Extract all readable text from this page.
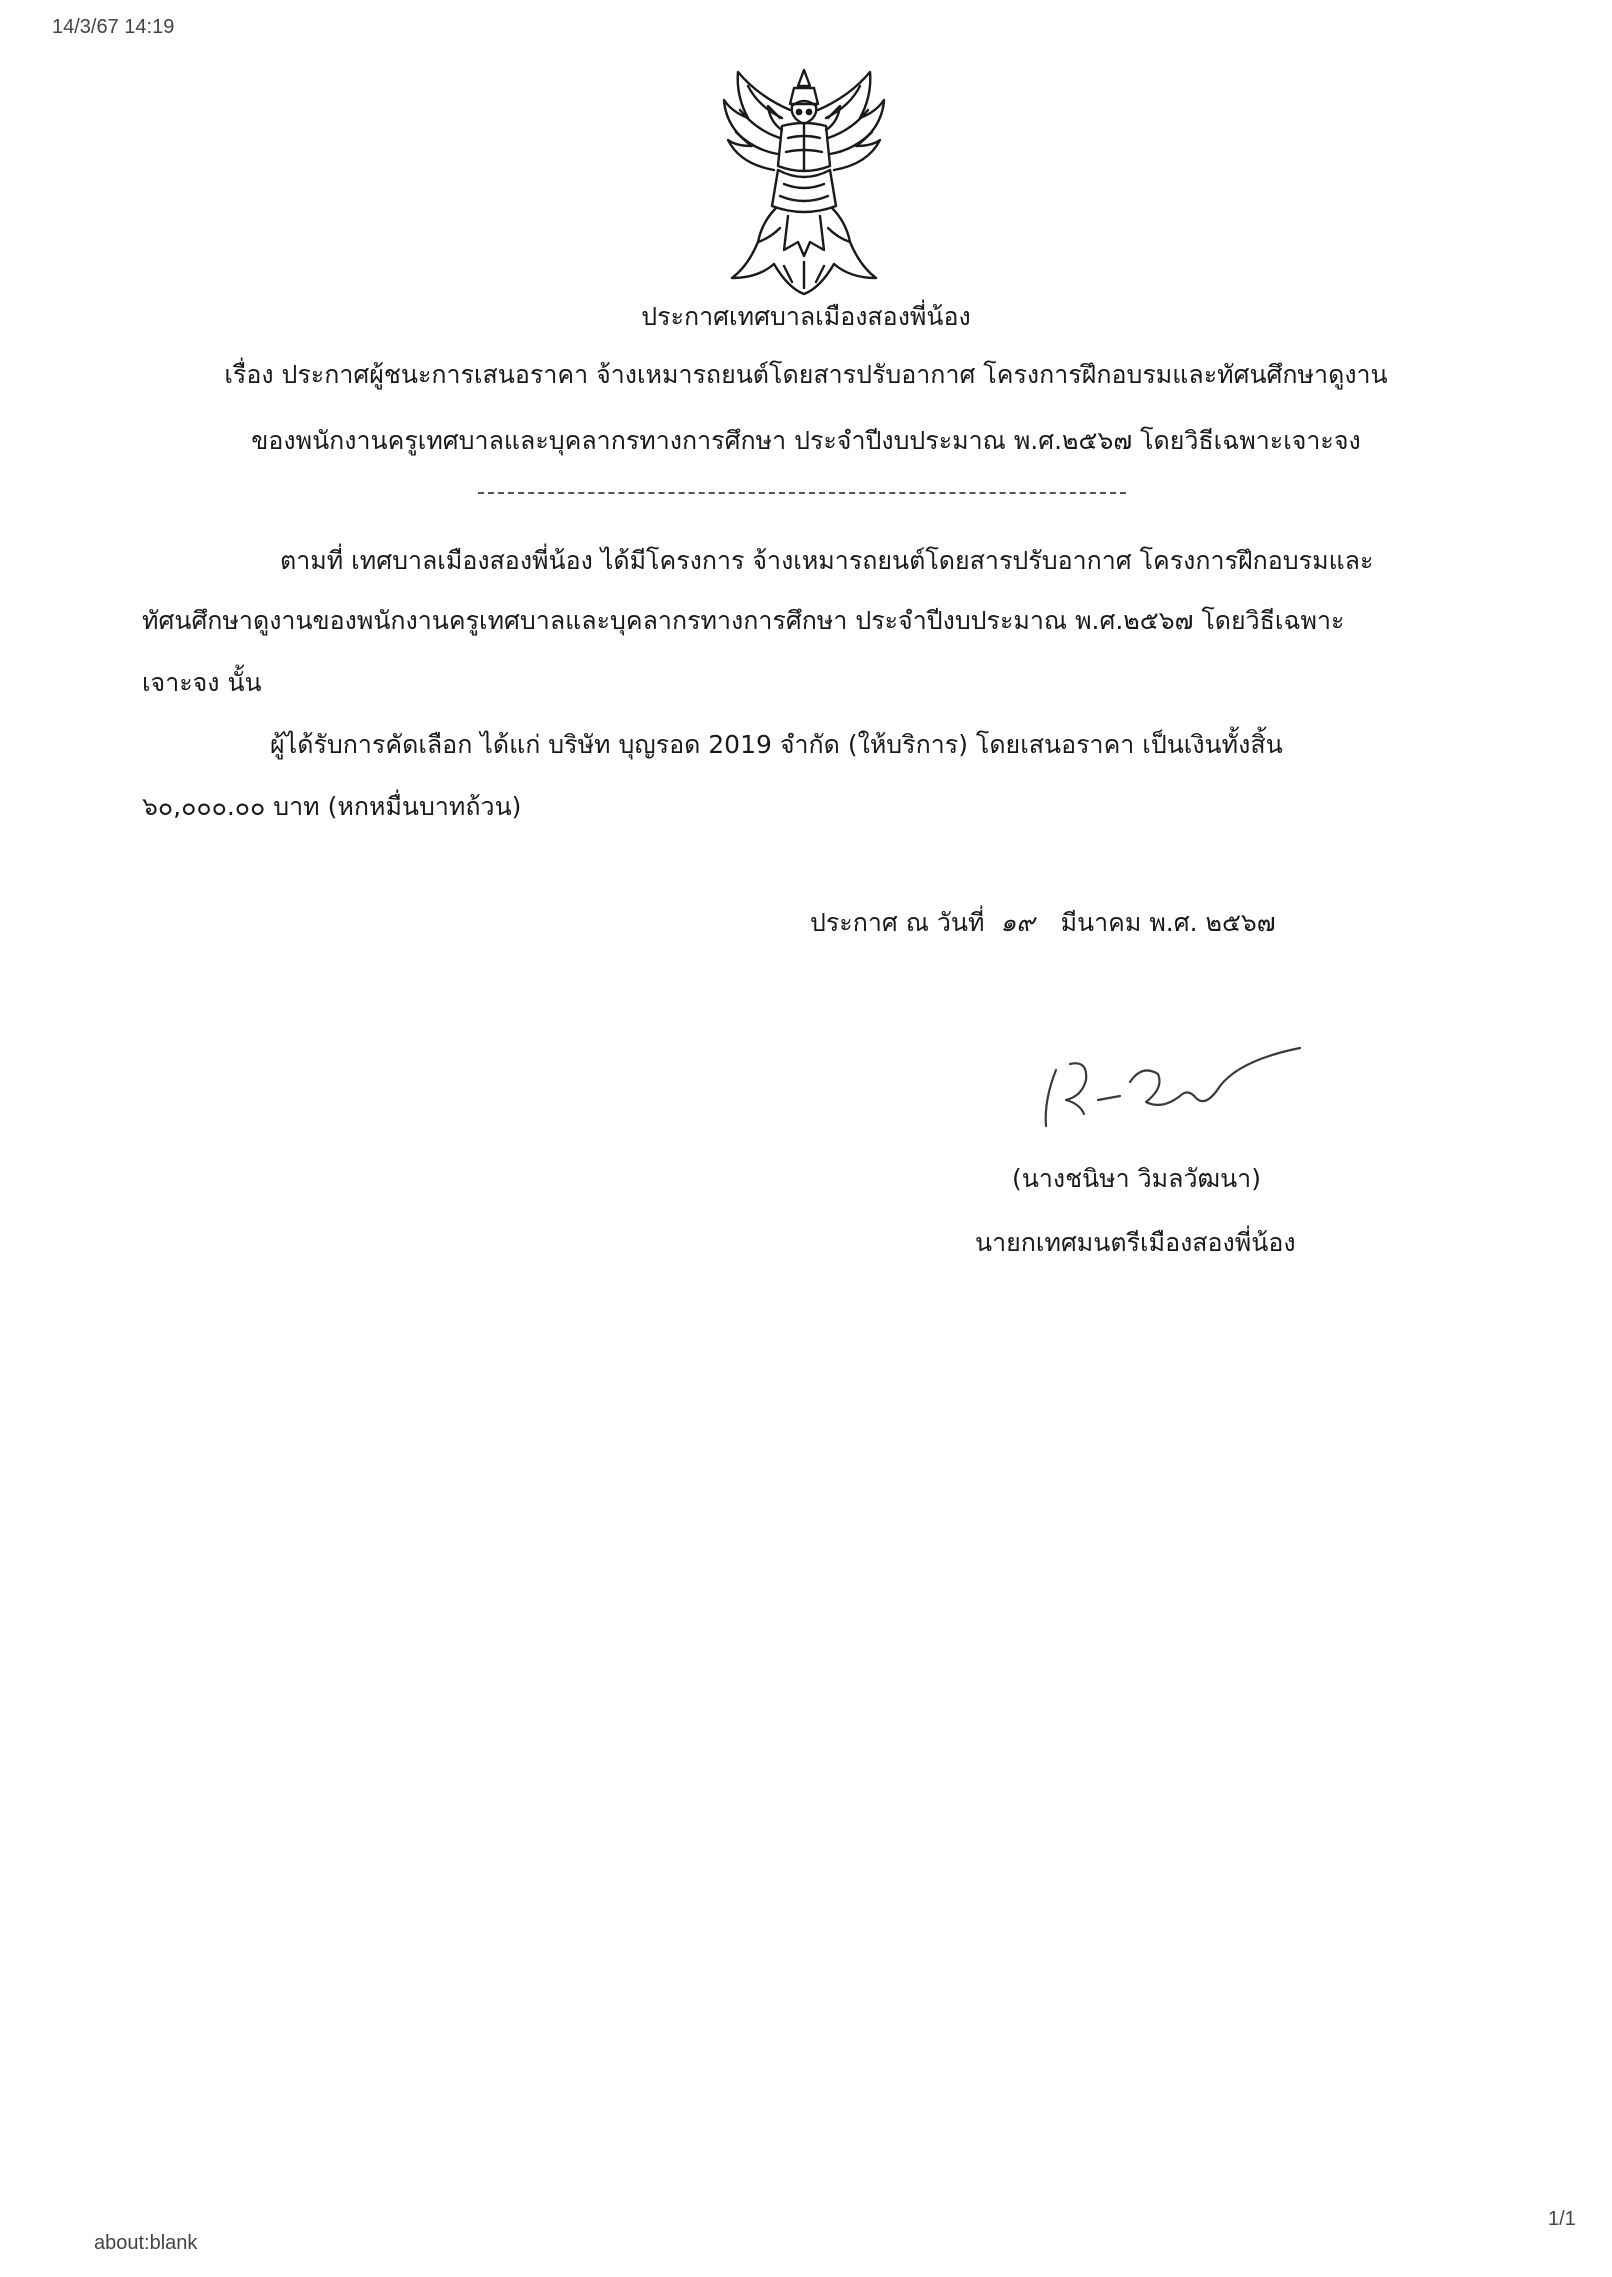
14/3/67 14:19
ประกาศเทศบาลเมืองสองพี่น้อง
เรื่อง ประกาศผู้ชนะการเสนอราคา จ้างเหมารถยนต์โดยสารปรับอากาศ โครงการฝึกอบรมและทัศนศึกษาดูงาน
ของพนักงานครูเทศบาลและบุคลากรทางการศึกษา ประจำปีงบประมาณ พ.ศ.๒๕๖๗ โดยวิธีเฉพาะเจาะจง
ตามที่ เทศบาลเมืองสองพี่น้อง ได้มีโครงการ จ้างเหมารถยนต์โดยสารปรับอากาศ โครงการฝึกอบรมและ
ทัศนศึกษาดูงานของพนักงานครูเทศบาลและบุคลากรทางการศึกษา ประจำปีงบประมาณ พ.ศ.๒๕๖๗ โดยวิธีเฉพาะ
เจาะจง นั้น
ผู้ได้รับการคัดเลือก ได้แก่ บริษัท บุญรอด 2019 จำกัด (ให้บริการ) โดยเสนอราคา เป็นเงินทั้งสิ้น
๖๐,๐๐๐.๐๐ บาท (หกหมื่นบาทถ้วน)
ประกาศ ณ วันที่ ๑๙ มีนาคม พ.ศ. ๒๕๖๗
(นางชนิษา วิมลวัฒนา)
นายกเทศมนตรีเมืองสองพี่น้อง
about:blank
1/1
